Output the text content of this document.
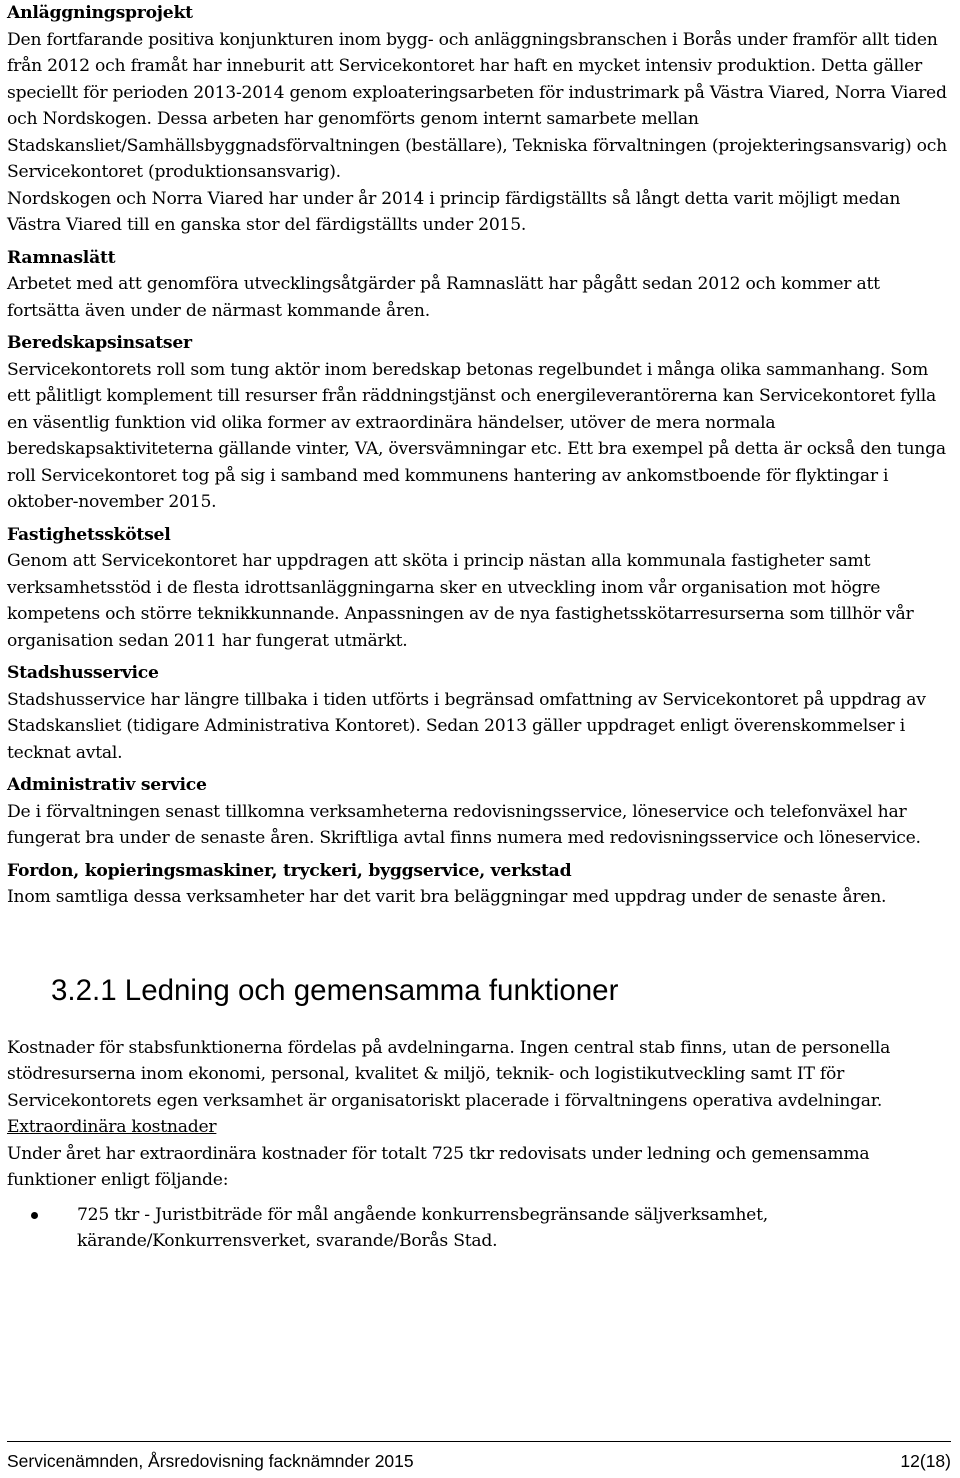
Anläggningsprojekt

Den fortfarande positiva konjunkturen inom bygg- och anläggningsbranschen i Borås under framför allt tiden från 2012 och framåt har inneburit att Servicekontoret har haft en mycket intensiv produktion. Detta gäller speciellt för perioden 2013-2014 genom exploateringsarbeten för industrimark på Västra Viared, Norra Viared och Nordskogen. Dessa arbeten har genomförts genom internt samarbete mellan Stadskansliet/Samhällsbyggnadsförvaltningen (beställare), Tekniska förvaltningen (projekteringsansvarig) och Servicekontoret (produktionsansvarig).

Nordskogen och Norra Viared har under år 2014 i princip färdigställts så långt detta varit möjligt medan Västra Viared till en ganska stor del färdigställts under 2015.

Ramnaslätt

Arbetet med att genomföra utvecklingsåtgärder på Ramnaslätt har pågått sedan 2012 och kommer att fortsätta även under de närmast kommande åren.

Beredskapsinsatser

Servicekontorets roll som tung aktör inom beredskap betonas regelbundet i många olika sammanhang. Som ett pålitligt komplement till resurser från räddningstjänst och energileverantörerna kan Servicekontoret fylla en väsentlig funktion vid olika former av extraordinära händelser, utöver de mera normala beredskapsaktiviteterna gällande vinter, VA, översvämningar etc. Ett bra exempel på detta är också den tunga roll Servicekontoret tog på sig i samband med kommunens hantering av ankomstboende för flyktingar i oktober-november 2015.

Fastighetsskötsel

Genom att Servicekontoret har uppdragen att sköta i princip nästan alla kommunala fastigheter samt verksamhetsstöd i de flesta idrottsanläggningarna sker en utveckling inom vår organisation mot högre kompetens och större teknikkunnande. Anpassningen av de nya fastighetsskötarresurserna som tillhör vår organisation sedan 2011 har fungerat utmärkt.

Stadshusservice

Stadshusservice har längre tillbaka i tiden utförts i begränsad omfattning av Servicekontoret på uppdrag av Stadskansliet (tidigare Administrativa Kontoret). Sedan 2013 gäller uppdraget enligt överenskommelser i tecknat avtal.

Administrativ service

De i förvaltningen senast tillkomna verksamheterna redovisningsservice, löneservice och telefonväxel har fungerat bra under de senaste åren. Skriftliga avtal finns numera med redovisningsservice och löneservice.

Fordon, kopieringsmaskiner, tryckeri, byggservice, verkstad

Inom samtliga dessa verksamheter har det varit bra beläggningar med uppdrag under de senaste åren.

3.2.1 Ledning och gemensamma funktioner

Kostnader för stabsfunktionerna fördelas på avdelningarna. Ingen central stab finns, utan de personella stödresurserna inom ekonomi, personal, kvalitet & miljö, teknik- och logistikutveckling samt IT för Servicekontorets egen verksamhet är organisatoriskt placerade i förvaltningens operativa avdelningar.

Extraordinära kostnader

Under året har extraordinära kostnader för totalt 725 tkr redovisats under ledning och gemensamma funktioner enligt följande:

725 tkr - Juristbiträde för mål angående konkurrensbegränsande säljverksamhet, kärande/Konkurrensverket, svarande/Borås Stad.
Servicenämnden, Årsredovisning facknämnder 2015	12(18)
